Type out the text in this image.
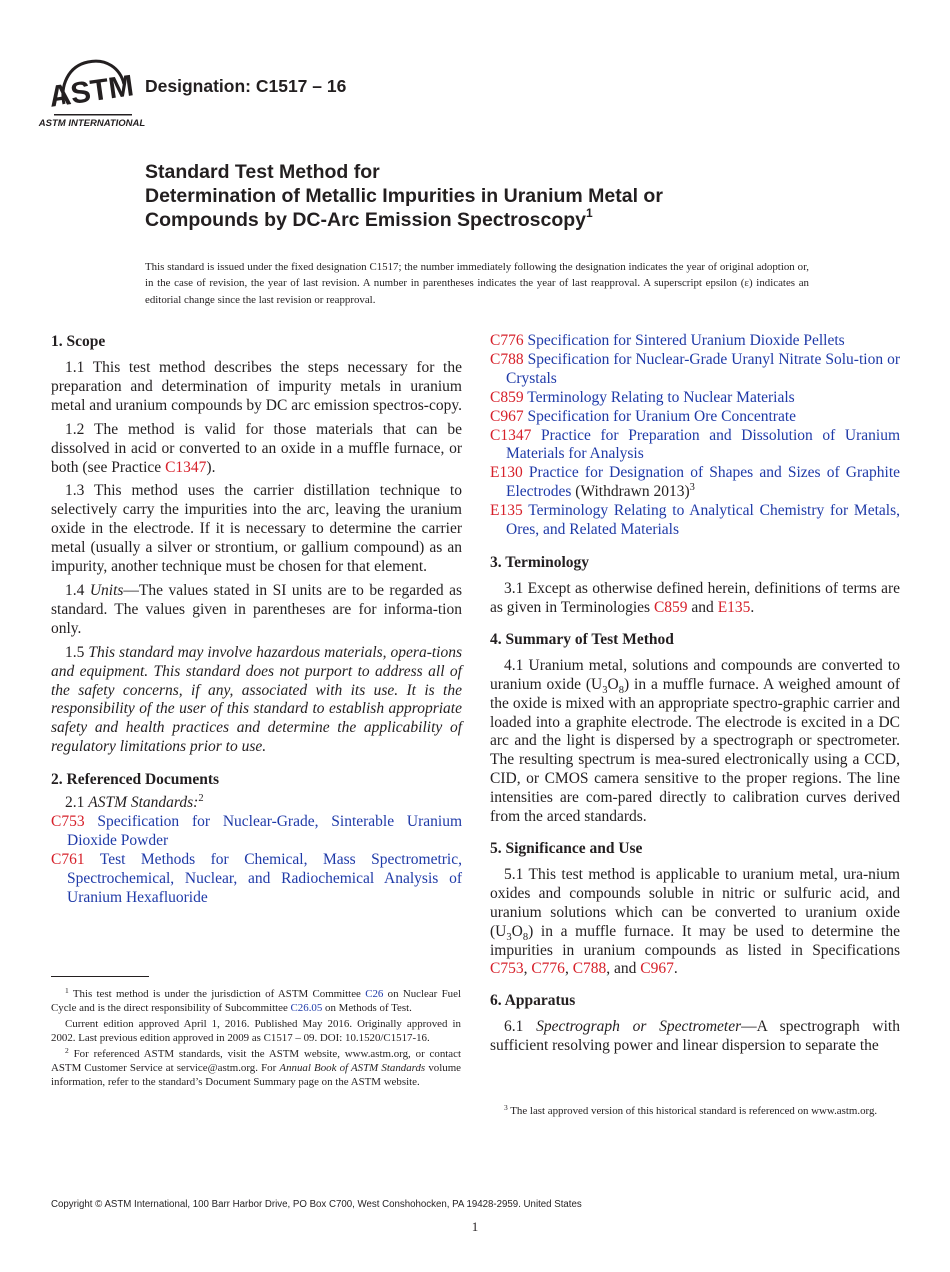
ASTM
ASTM INTERNATIONAL
Designation: C1517 – 16
Standard Test Method for
Determination of Metallic Impurities in Uranium Metal or
Compounds by DC-Arc Emission Spectroscopy$^1$
This standard is issued under the fixed designation C1517; the number immediately following the designation indicates the year of original adoption or, in the case of revision, the year of last revision. A number in parentheses indicates the year of last reapproval. A superscript epsilon (ε) indicates an editorial change since the last revision or reapproval.
1. Scope

1.1 This test method describes the steps necessary for the preparation and determination of impurity metals in uranium metal and uranium compounds by DC arc emission spectros-copy.

1.2 The method is valid for those materials that can be dissolved in acid or converted to an oxide in a muffle furnace, or both (see Practice C1347).

1.3 This method uses the carrier distillation technique to selectively carry the impurities into the arc, leaving the uranium oxide in the electrode. If it is necessary to determine the carrier metal (usually a silver or strontium, or gallium compound) as an impurity, another technique must be chosen for that element.

1.4 Units—The values stated in SI units are to be regarded as standard. The values given in parentheses are for informa-tion only.

1.5 This standard may involve hazardous materials, opera-tions and equipment. This standard does not purport to address all of the safety concerns, if any, associated with its use. It is the responsibility of the user of this standard to establish appropriate safety and health practices and determine the applicability of regulatory limitations prior to use.

2. Referenced Documents

2.1 ASTM Standards:$^2$

C753 Specification for Nuclear-Grade, Sinterable Uranium Dioxide Powder

C761 Test Methods for Chemical, Mass Spectrometric, Spectrochemical, Nuclear, and Radiochemical Analysis of Uranium Hexafluoride

$^1$ This test method is under the jurisdiction of ASTM Committee C26 on Nuclear Fuel Cycle and is the direct responsibility of Subcommittee C26.05 on Methods of Test.

Current edition approved April 1, 2016. Published May 2016. Originally approved in 2002. Last previous edition approved in 2009 as C1517 – 09. DOI: 10.1520/C1517-16.

$^2$ For referenced ASTM standards, visit the ASTM website, www.astm.org, or contact ASTM Customer Service at service@astm.org. For Annual Book of ASTM Standards volume information, refer to the standard’s Document Summary page on the ASTM website.

C776 Specification for Sintered Uranium Dioxide Pellets

C788 Specification for Nuclear-Grade Uranyl Nitrate Solu-tion or Crystals

C859 Terminology Relating to Nuclear Materials

C967 Specification for Uranium Ore Concentrate

C1347 Practice for Preparation and Dissolution of Uranium Materials for Analysis

E130 Practice for Designation of Shapes and Sizes of Graphite Electrodes (Withdrawn 2013)$^3$

E135 Terminology Relating to Analytical Chemistry for Metals, Ores, and Related Materials

3. Terminology

3.1 Except as otherwise defined herein, definitions of terms are as given in Terminologies C859 and E135.

4. Summary of Test Method

4.1 Uranium metal, solutions and compounds are converted to uranium oxide $(U_3O_8)$ in a muffle furnace. A weighed amount of the oxide is mixed with an appropriate spectro-graphic carrier and loaded into a graphite electrode. The electrode is excited in a DC arc and the light is dispersed by a spectrograph or spectrometer. The resulting spectrum is mea-sured electronically using a CCD, CID, or CMOS camera sensitive to the proper regions. The line intensities are com-pared directly to calibration curves derived from the arced standards.

5. Significance and Use

5.1 This test method is applicable to uranium metal, ura-nium oxides and compounds soluble in nitric or sulfuric acid, and uranium solutions which can be converted to uranium oxide $(U_3O_8)$ in a muffle furnace. It may be used to determine the impurities in uranium compounds as listed in Specifications C753, C776, C788, and C967.

6. Apparatus

6.1 Spectrograph or Spectrometer—A spectrograph with sufficient resolving power and linear dispersion to separate the

$^3$ The last approved version of this historical standard is referenced on www.astm.org.

Copyright © ASTM International, 100 Barr Harbor Drive, PO Box C700, West Conshohocken, PA 19428-2959. United States
1
